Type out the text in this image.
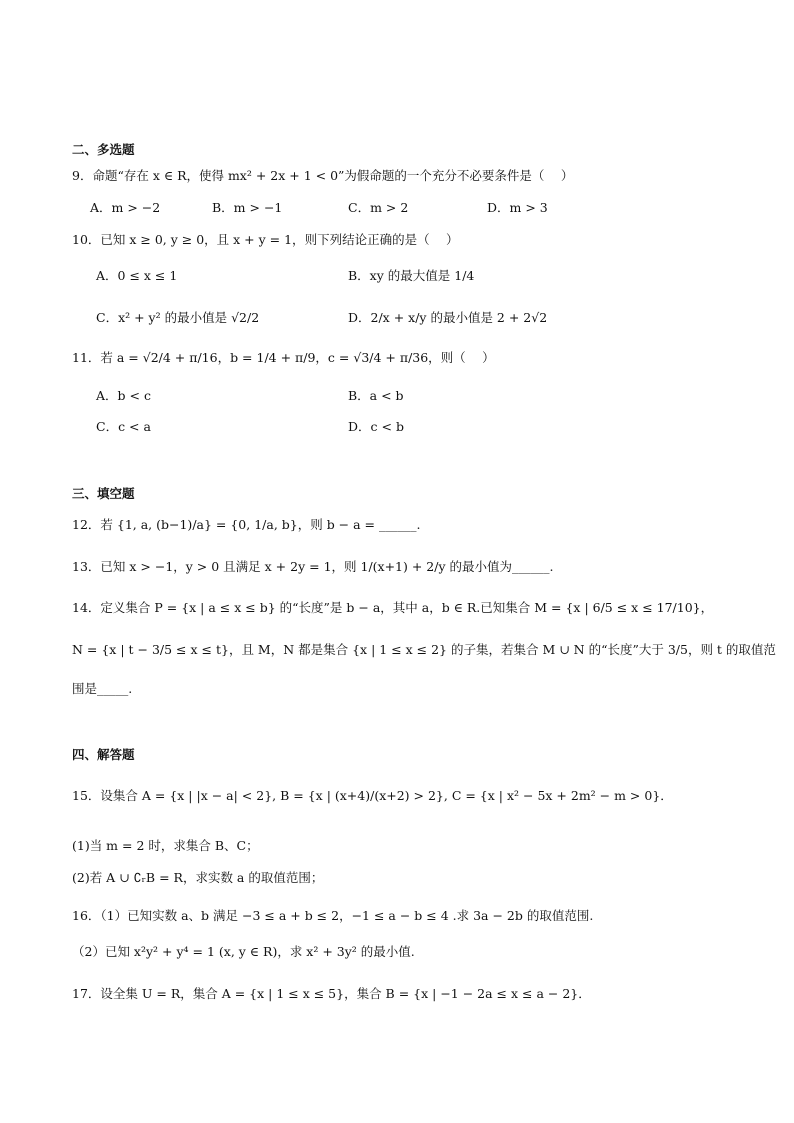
二、多选题
9．命题“存在 x ∈ R，使得 mx² + 2x + 1 < 0”为假命题的一个充分不必要条件是（　 ）
A．m > −2	B．m > −1	C．m > 2	D．m > 3
10．已知 x ≥ 0, y ≥ 0，且 x + y = 1，则下列结论正确的是（　 ）
A．0 ≤ x ≤ 1	B．xy 的最大值是 1/4
C．x² + y² 的最小值是 √2/2	D．2/x + x/y 的最小值是 2 + 2√2
11．若 a = √2/4 + π/16，b = 1/4 + π/9，c = √3/4 + π/36，则（　 ）
A．b < c	B．a < b
C．c < a	D．c < b
三、填空题
12．若 {1, a, (b−1)/a} = {0, 1/a, b}，则 b − a = ______.
13．已知 x > −1，y > 0 且满足 x + 2y = 1，则 1/(x+1) + 2/y 的最小值为______.
14．定义集合 P = {x | a ≤ x ≤ b} 的“长度”是 b − a，其中 a，b ∈ R.已知集合 M = {x | 6/5 ≤ x ≤ 17/10}，
N = {x | t − 3/5 ≤ x ≤ t}，且 M，N 都是集合 {x | 1 ≤ x ≤ 2} 的子集，若集合 M ∪ N 的“长度”大于 3/5，则 t 的取值范
围是_____.
四、解答题
15．设集合 A = {x | |x − a| < 2}, B = {x | (x+4)/(x+2) > 2}, C = {x | x² − 5x + 2m² − m > 0}．
(1)当 m = 2 时，求集合 B、C；
(2)若 A ∪ ∁ᵣB = R，求实数 a 的取值范围；
16．（1）已知实数 a、b 满足 −3 ≤ a + b ≤ 2，−1 ≤ a − b ≤ 4 .求 3a − 2b 的取值范围.
（2）已知 x²y² + y⁴ = 1 (x, y ∈ R)，求 x² + 3y² 的最小值.
17．设全集 U = R，集合 A = {x | 1 ≤ x ≤ 5}，集合 B = {x | −1 − 2a ≤ x ≤ a − 2}．
